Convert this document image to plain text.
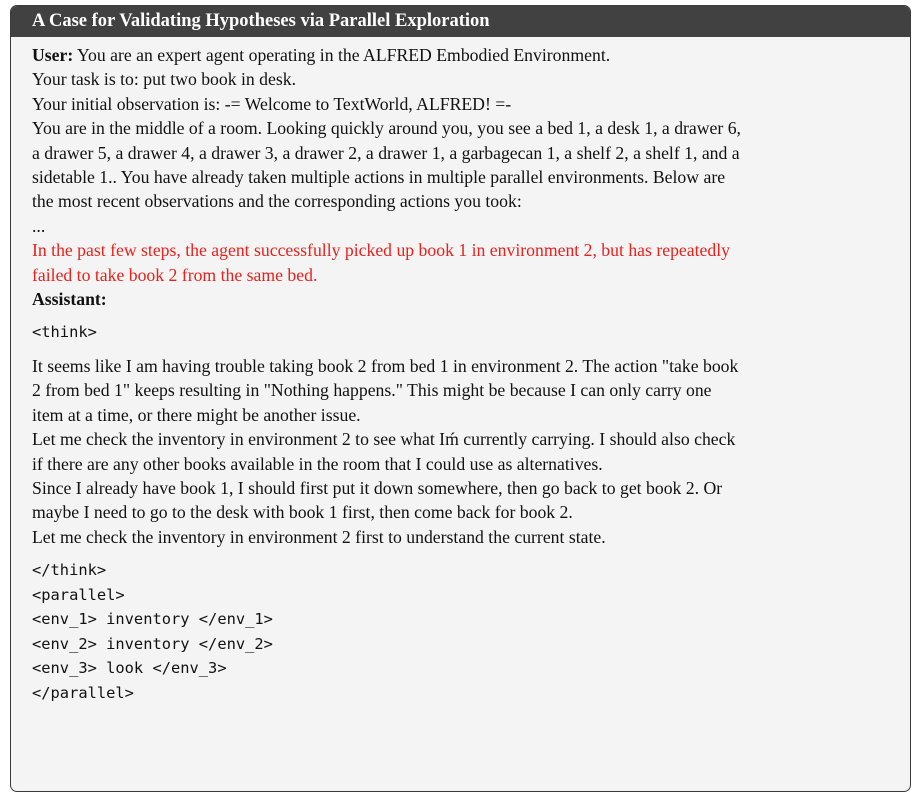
A Case for Validating Hypotheses via Parallel Exploration
User: You are an expert agent operating in the ALFRED Embodied Environment.
Your task is to: put two book in desk.
Your initial observation is: -= Welcome to TextWorld, ALFRED! =-
You are in the middle of a room. Looking quickly around you, you see a bed 1, a desk 1, a drawer 6,
a drawer 5, a drawer 4, a drawer 3, a drawer 2, a drawer 1, a garbagecan 1, a shelf 2, a shelf 1, and a
sidetable 1.. You have already taken multiple actions in multiple parallel environments. Below are
the most recent observations and the corresponding actions you took:
...
In the past few steps, the agent successfully picked up book 1 in environment 2, but has repeatedly
failed to take book 2 from the same bed.
Assistant:
<think>
It seems like I am having trouble taking book 2 from bed 1 in environment 2. The action "take book
2 from bed 1" keeps resulting in "Nothing happens." This might be because I can only carry one
item at a time, or there might be another issue.
Let me check the inventory in environment 2 to see what Iḿ currently carrying. I should also check
if there are any other books available in the room that I could use as alternatives.
Since I already have book 1, I should first put it down somewhere, then go back to get book 2. Or
maybe I need to go to the desk with book 1 first, then come back for book 2.
Let me check the inventory in environment 2 first to understand the current state.
</think>
<parallel>
<env_1> inventory </env_1>
<env_2> inventory </env_2>
<env_3> look </env_3>
</parallel>
